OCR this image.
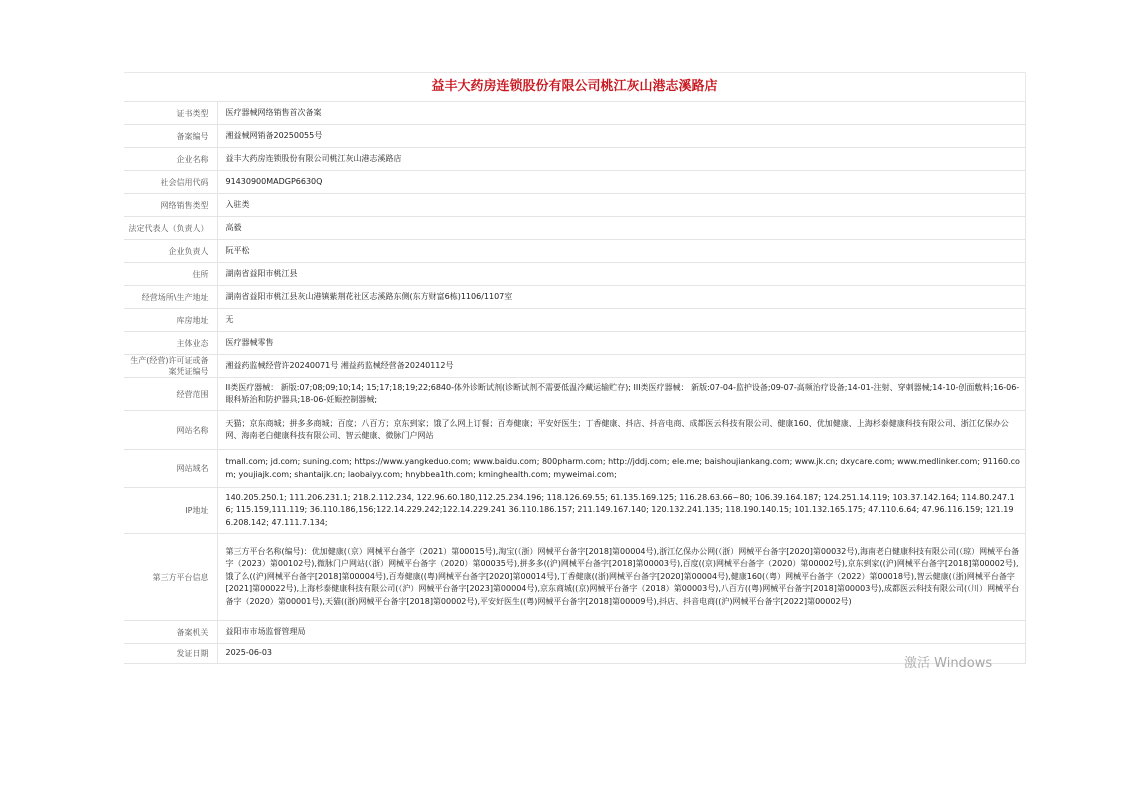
益丰大药房连锁股份有限公司桃江灰山港志溪路店
证书类型	医疗器械网络销售首次备案
备案编号	湘益械网销备20250055号
企业名称	益丰大药房连锁股份有限公司桃江灰山港志溪路店
社会信用代码	91430900MADGP6630Q
网络销售类型	入驻类
法定代表人（负责人）	高毅
企业负责人	阮平松
住所	湖南省益阳市桃江县
经营场所\生产地址	湖南省益阳市桃江县灰山港镇紫荆花社区志溪路东侧(东方财富6栋)1106/1107室
库房地址	无
主体业态	医疗器械零售
生产(经营)许可证或备案凭证编号	湘益药监械经营许20240071号 湘益药监械经营备20240112号
经营范围	II类医疗器械： 新版:07;08;09;10;14; 15;17;18;19;22;6840-体外诊断试剂(诊断试剂不需要低温冷藏运输贮存); III类医疗器械： 新版:07-04-监护设备;09-07-高频治疗设备;14-01-注射、穿刺器械;14-10-创面敷料;16-06-眼科矫治和防护器具;18-06-妊娠控制器械;
网站名称	天猫；京东商城；拼多多商城；百度；八百方；京东到家；饿了么网上订餐；百寿健康；平安好医生；丁香健康、抖店、抖音电商、成都医云科技有限公司、健康160、优加健康、上海杉泰健康科技有限公司、浙江亿保办公网、海南老白健康科技有限公司、智云健康、微脉门户网站
网站域名	tmall.com; jd.com; suning.com; https://www.yangkeduo.com; www.baidu.com; 800pharm.com; http://jddj.com; ele.me; baishoujiankang.com; www.jk.cn; dxycare.com; www.medlinker.com; 91160.com; youjiajk.com; shantaijk.cn; laobaiyy.com; hnybbea1th.com; kminghealth.com; myweimai.com;
IP地址	140.205.250.1; 111.206.231.1; 218.2.112.234, 122.96.60.180,112.25.234.196; 118.126.69.55; 61.135.169.125; 116.28.63.66~80; 106.39.164.187; 124.251.14.119; 103.37.142.164; 114.80.247.16; 115.159,111.119; 36.110.186,156;122.14.229.242;122.14.229.241 36.110.186.157; 211.149.167.140; 120.132.241.135; 118.190.140.15; 101.132.165.175; 47.110.6.64; 47.96.116.159; 121.196.208.142; 47.111.7.134;
第三方平台信息	第三方平台名称(编号)：优加健康(（京）网械平台备字（2021）第00015号),淘宝(（浙）网械平台备字[2018]第00004号),浙江亿保办公网(（浙）网械平台备字[2020]第00032号),海南老白健康科技有限公司(（琼）网械平台备字（2023）第00102号),微脉门户网站(（浙）网械平台备字（2020）第00035号),拼多多((沪)网械平台备字[2018]第00003号),百度((京)网械平台备字（2020）第00002号),京东到家((沪)网械平台备字[2018]第00002号),饿了么((沪)网械平台备字[2018]第00004号),百寿健康((粤)网械平台备字[2020]第00014号),丁香健康((浙)网械平台备字[2020]第00004号),健康160(（粤）网械平台备字（2022）第00018号),智云健康(（浙)网械平台备字[2021]第00022号),上海杉泰健康科技有限公司(（沪）网械平台备字[2023]第00004号),京东商城((京)网械平台备字（2018）第00003号),八百方((粤)网械平台备字[2018]第00003号),成都医云科技有限公司(（川）网械平台备字（2020）第00001号),天猫((浙)网械平台备字[2018]第00002号),平安好医生((粤)网械平台备字[2018]第00009号),抖店、抖音电商((沪)网械平台备字[2022]第00002号)
备案机关	益阳市市场监督管理局
发证日期	2025-06-03
激活 Windows
